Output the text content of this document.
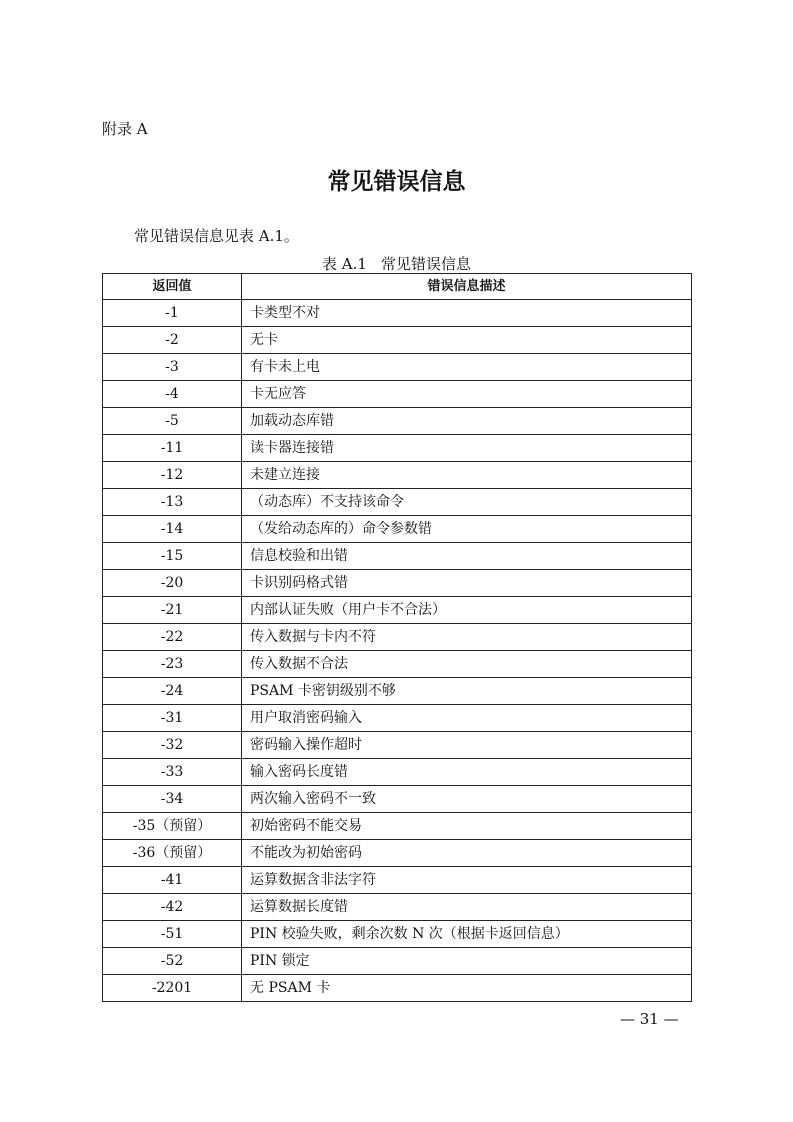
附录 A
常见错误信息
常见错误信息见表 A.1。
表 A.1 常见错误信息
返回值	错误信息描述
-1	卡类型不对
-2	无卡
-3	有卡未上电
-4	卡无应答
-5	加载动态库错
-11	读卡器连接错
-12	未建立连接
-13	（动态库）不支持该命令
-14	（发给动态库的）命令参数错
-15	信息校验和出错
-20	卡识别码格式错
-21	内部认证失败（用户卡不合法）
-22	传入数据与卡内不符
-23	传入数据不合法
-24	PSAM 卡密钥级别不够
-31	用户取消密码输入
-32	密码输入操作超时
-33	输入密码长度错
-34	两次输入密码不一致
-35（预留）	初始密码不能交易
-36（预留）	不能改为初始密码
-41	运算数据含非法字符
-42	运算数据长度错
-51	PIN 校验失败，剩余次数 N 次（根据卡返回信息）
-52	PIN 锁定
-2201	无 PSAM 卡
— 31 —
